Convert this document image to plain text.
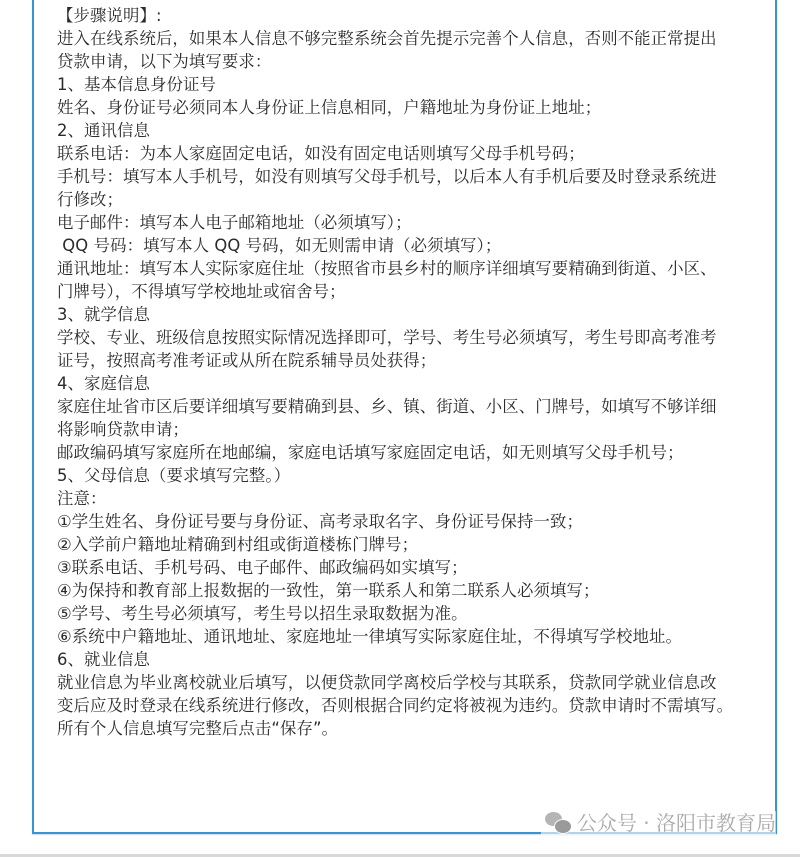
【步骤说明】:
进入在线系统后，如果本人信息不够完整系统会首先提示完善个人信息，否则不能正常提出
贷款申请，以下为填写要求：
1、基本信息身份证号
姓名、身份证号必须同本人身份证上信息相同，户籍地址为身份证上地址；
2、通讯信息
联系电话：为本人家庭固定电话，如没有固定电话则填写父母手机号码；
手机号：填写本人手机号，如没有则填写父母手机号，以后本人有手机后要及时登录系统进
行修改；
电子邮件：填写本人电子邮箱地址（必须填写）；
QQ 号码：填写本人 QQ 号码，如无则需申请（必须填写）；
通讯地址：填写本人实际家庭住址（按照省市县乡村的顺序详细填写要精确到街道、小区、
门牌号），不得填写学校地址或宿舍号；
3、就学信息
学校、专业、班级信息按照实际情况选择即可，学号、考生号必须填写，考生号即高考准考
证号，按照高考准考证或从所在院系辅导员处获得；
4、家庭信息
家庭住址省市区后要详细填写要精确到县、乡、镇、街道、小区、门牌号，如填写不够详细
将影响贷款申请；
邮政编码填写家庭所在地邮编，家庭电话填写家庭固定电话，如无则填写父母手机号；
5、父母信息（要求填写完整。）
注意：
①学生姓名、身份证号要与身份证、高考录取名字、身份证号保持一致；
②入学前户籍地址精确到村组或街道楼栋门牌号；
③联系电话、手机号码、电子邮件、邮政编码如实填写；
④为保持和教育部上报数据的一致性，第一联系人和第二联系人必须填写；
⑤学号、考生号必须填写，考生号以招生录取数据为准。
⑥系统中户籍地址、通讯地址、家庭地址一律填写实际家庭住址，不得填写学校地址。
6、就业信息
就业信息为毕业离校就业后填写，以便贷款同学离校后学校与其联系，贷款同学就业信息改
变后应及时登录在线系统进行修改，否则根据合同约定将被视为违约。贷款申请时不需填写。
所有个人信息填写完整后点击“保存”。
公众号 · 洛阳市教育局
